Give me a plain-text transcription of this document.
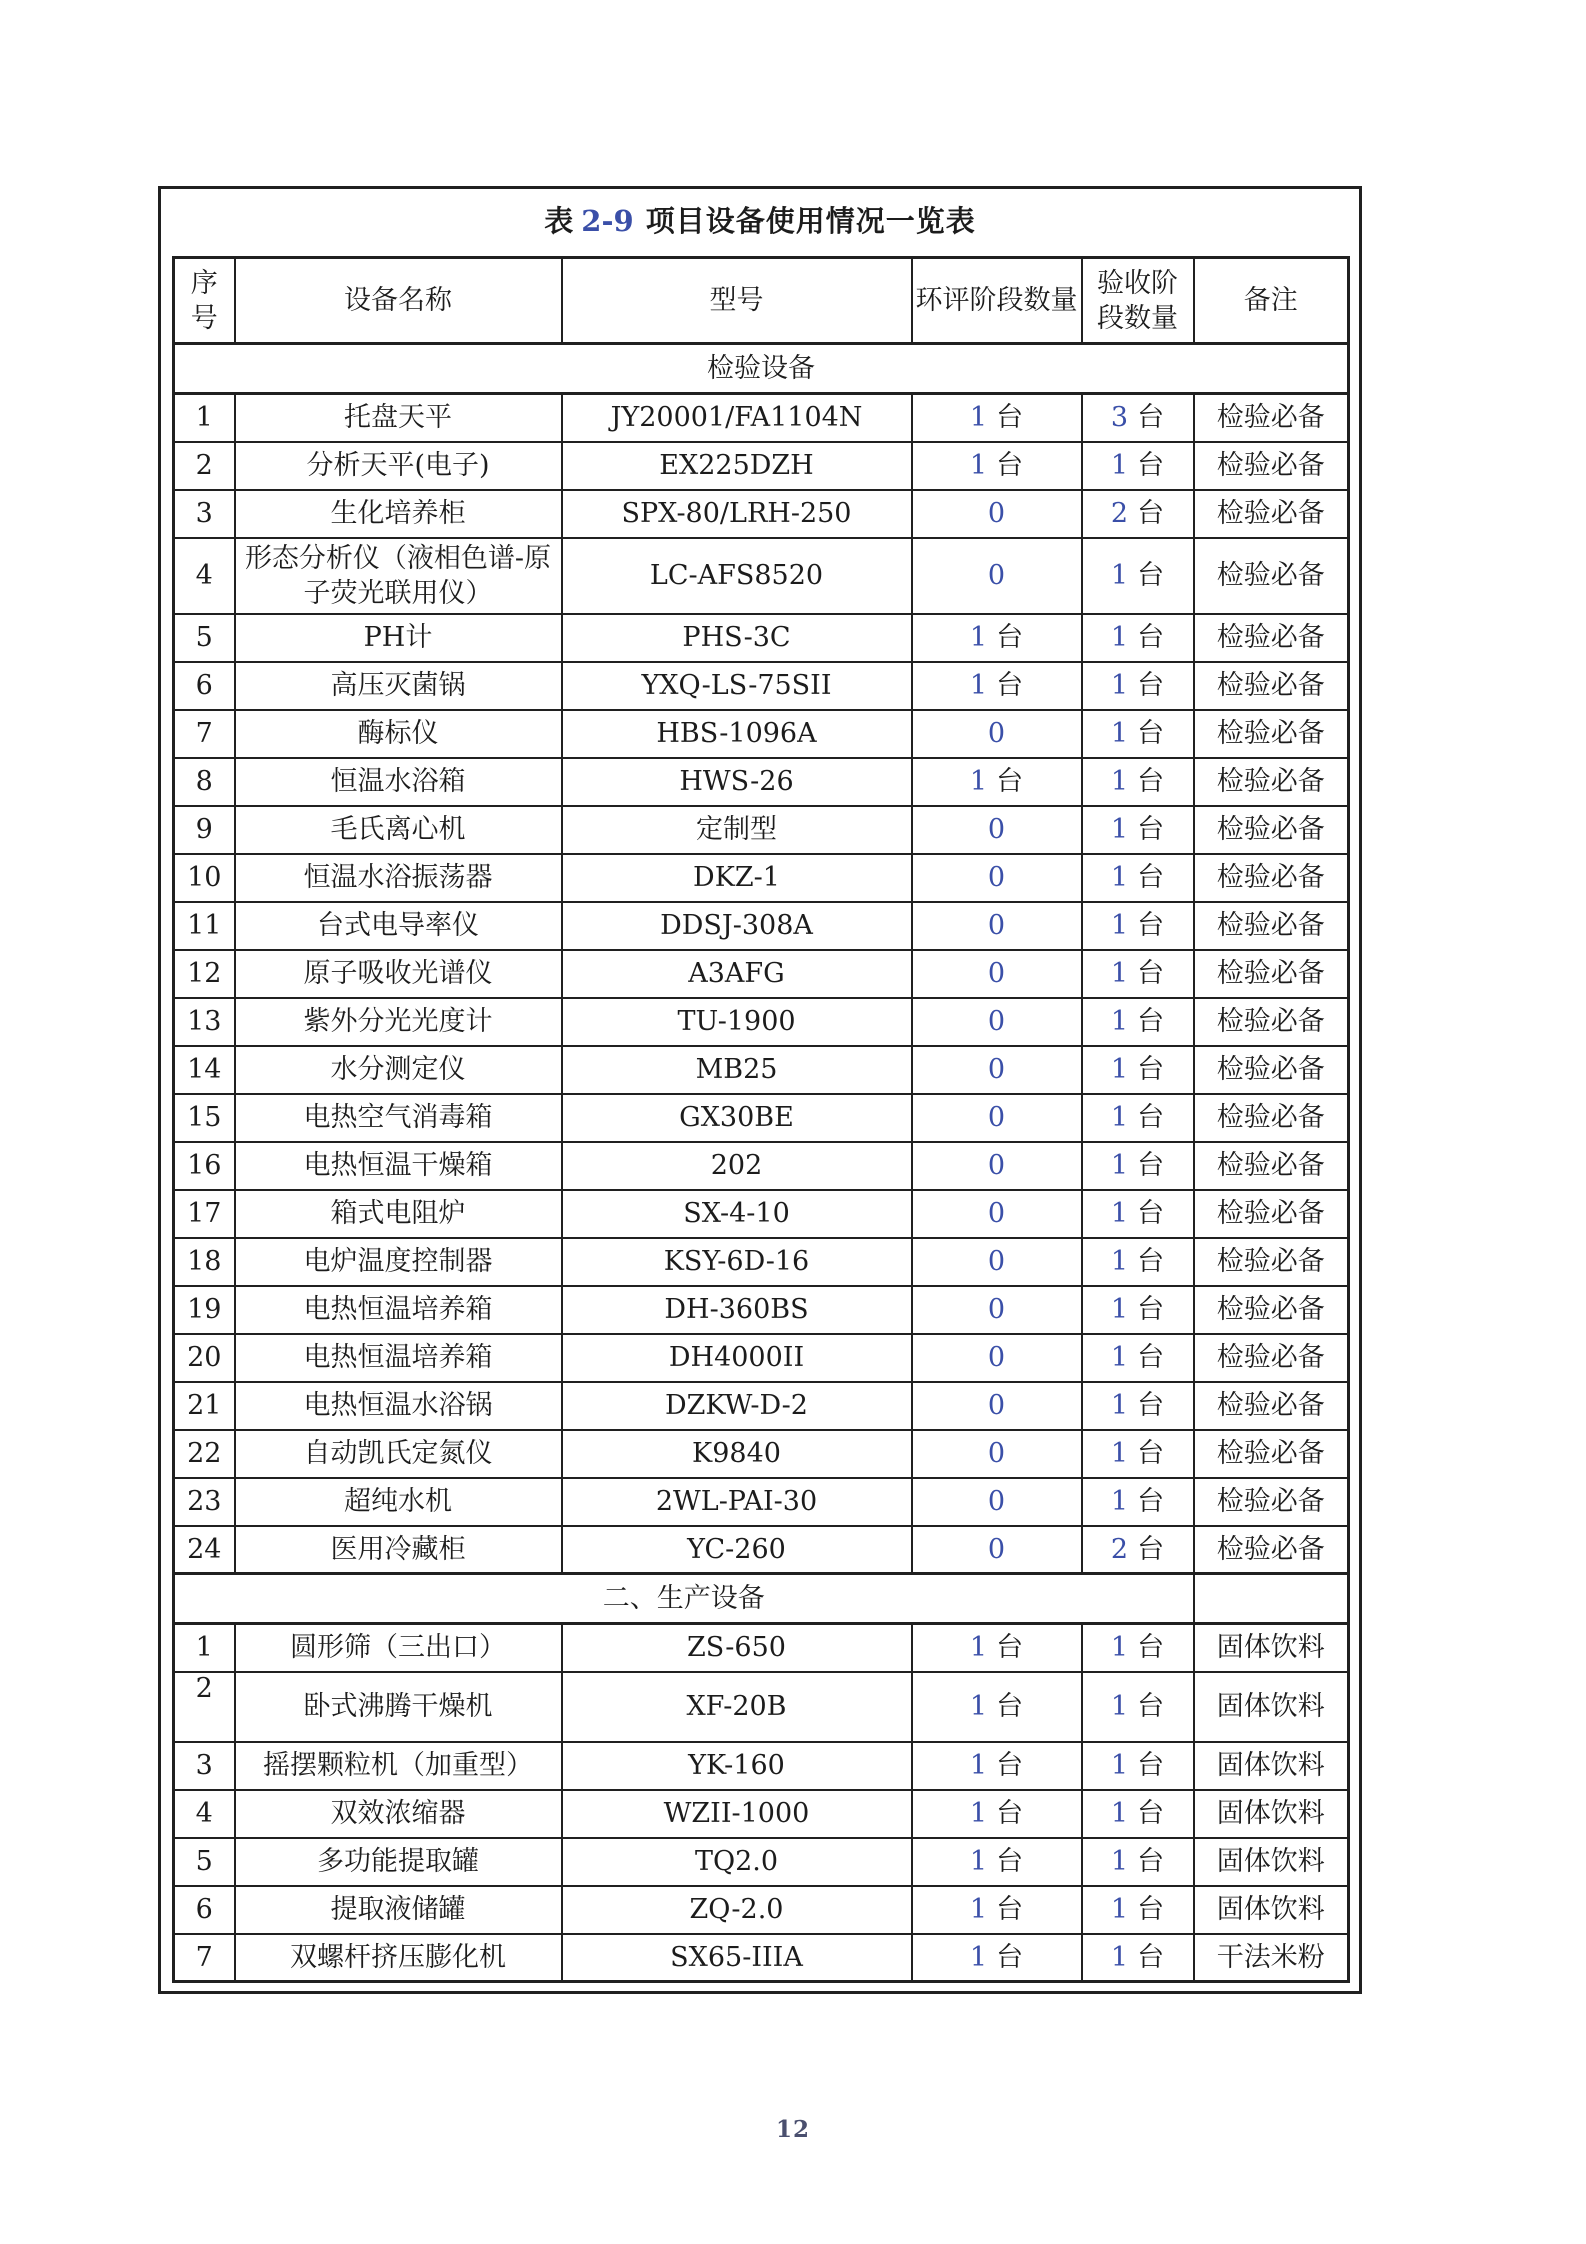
表 2-9 项目设备使用情况一览表
序号	设备名称	型号	环评阶段数量	验收阶段数量	备注
检验设备					
1	托盘天平	JY20001/FA1104N	1 台	3 台	检验必备
2	分析天平(电子)	EX225DZH	1 台	1 台	检验必备
3	生化培养柜	SPX-80/LRH-250	0	2 台	检验必备
4	形态分析仪（液相色谱-原子荧光联用仪）	LC-AFS8520	0	1 台	检验必备
5	PH计	PHS-3C	1 台	1 台	检验必备
6	高压灭菌锅	YXQ-LS-75SII	1 台	1 台	检验必备
7	酶标仪	HBS-1096A	0	1 台	检验必备
8	恒温水浴箱	HWS-26	1 台	1 台	检验必备
9	毛氏离心机	定制型	0	1 台	检验必备
10	恒温水浴振荡器	DKZ-1	0	1 台	检验必备
11	台式电导率仪	DDSJ-308A	0	1 台	检验必备
12	原子吸收光谱仪	A3AFG	0	1 台	检验必备
13	紫外分光光度计	TU-1900	0	1 台	检验必备
14	水分测定仪	MB25	0	1 台	检验必备
15	电热空气消毒箱	GX30BE	0	1 台	检验必备
16	电热恒温干燥箱	202	0	1 台	检验必备
17	箱式电阻炉	SX-4-10	0	1 台	检验必备
18	电炉温度控制器	KSY-6D-16	0	1 台	检验必备
19	电热恒温培养箱	DH-360BS	0	1 台	检验必备
20	电热恒温培养箱	DH4000II	0	1 台	检验必备
21	电热恒温水浴锅	DZKW-D-2	0	1 台	检验必备
22	自动凯氏定氮仪	K9840	0	1 台	检验必备
23	超纯水机	2WL-PAI-30	0	1 台	检验必备
24	医用冷藏柜	YC-260	0	2 台	检验必备
二、生产设备					
1	圆形筛（三出口）	ZS-650	1 台	1 台	固体饮料
2	卧式沸腾干燥机	XF-20B	1 台	1 台	固体饮料
3	摇摆颗粒机（加重型）	YK-160	1 台	1 台	固体饮料
4	双效浓缩器	WZII-1000	1 台	1 台	固体饮料
5	多功能提取罐	TQ2.0	1 台	1 台	固体饮料
6	提取液储罐	ZQ-2.0	1 台	1 台	固体饮料
7	双螺杆挤压膨化机	SX65-IIIA	1 台	1 台	干法米粉
12
